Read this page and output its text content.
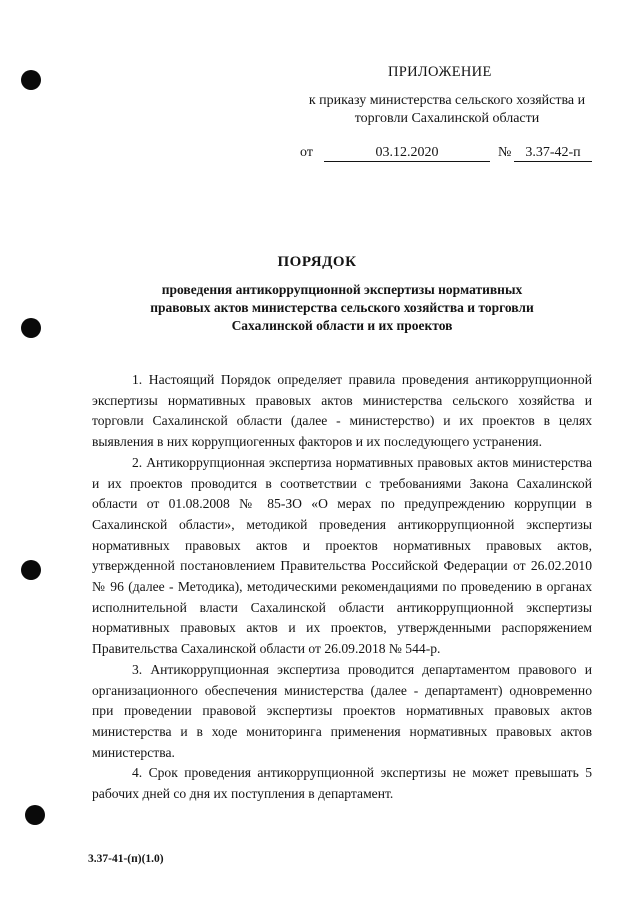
ПРИЛОЖЕНИЕ
к приказу министерства сельского хозяйства и торговли Сахалинской области
от	03.12.2020	№ 3.37-42-п
ПОРЯДОК
проведения антикоррупционной экспертизы нормативных правовых актов министерства сельского хозяйства и торговли Сахалинской области и их проектов

1. Настоящий Порядок определяет правила проведения антикоррупционной экспертизы нормативных правовых актов министерства сельского хозяйства и торговли Сахалинской области (далее - министерство) и их проектов в целях выявления в них коррупциогенных факторов и их последующего устранения.

2. Антикоррупционная экспертиза нормативных правовых актов министерства и их проектов проводится в соответствии с требованиями Закона Сахалинской области от 01.08.2008 № 85-ЗО «О мерах по предупреждению коррупции в Сахалинской области», методикой проведения антикоррупционной экспертизы нормативных правовых актов и проектов нормативных правовых актов, утвержденной постановлением Правительства Российской Федерации от 26.02.2010 № 96 (далее - Методика), методическими рекомендациями по проведению в органах исполнительной власти Сахалинской области антикоррупционной экспертизы нормативных правовых актов и их проектов, утвержденными распоряжением Правительства Сахалинской области от 26.09.2018 № 544-р.

3. Антикоррупционная экспертиза проводится департаментом правового и организационного обеспечения министерства (далее - департамент) одновременно при проведении правовой экспертизы проектов нормативных правовых актов министерства и в ходе мониторинга применения нормативных правовых актов министерства.

4. Срок проведения антикоррупционной экспертизы не может превышать 5 рабочих дней со дня их поступления в департамент.

3.37-41-(п)(1.0)
